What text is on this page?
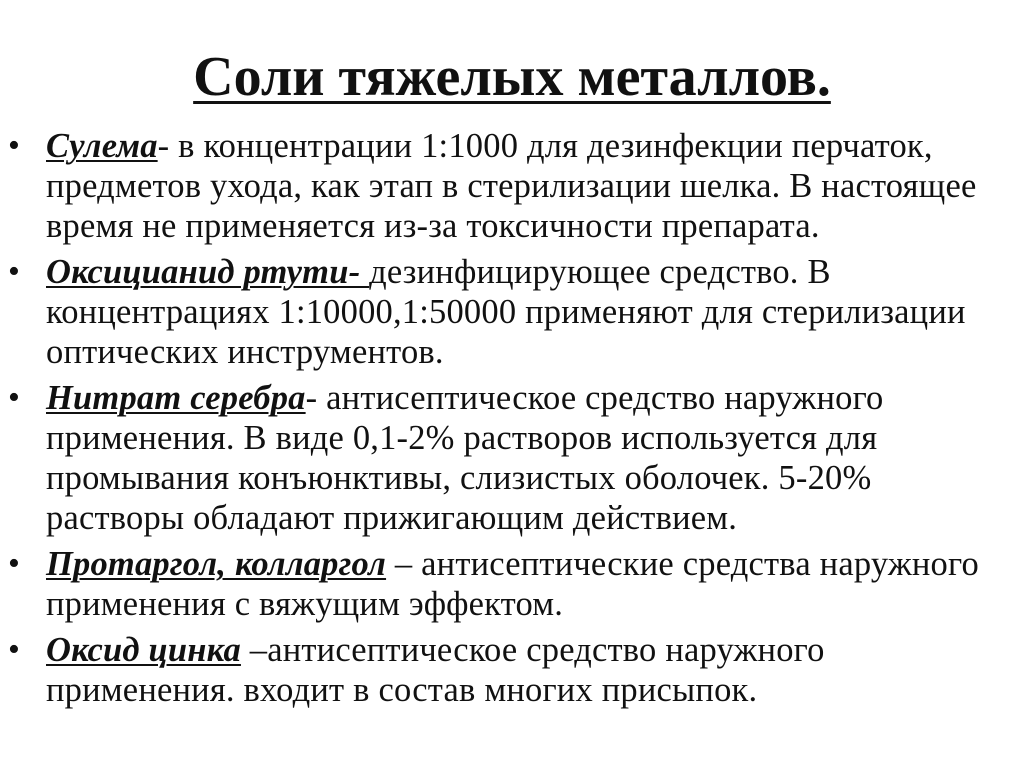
Соли тяжелых металлов.
• Сулема- в концентрации 1:1000 для дезинфекции перчаток, предметов ухода, как этап в стерилизации шелка. В настоящее время не применяется из-за токсичности препарата.
• Оксицианид ртути- дезинфицирующее средство. В концентрациях 1:10000,1:50000 применяют для стерилизации оптических инструментов.
• Нитрат серебра- антисептическое средство наружного применения. В виде 0,1-2% растворов используется для промывания конъюнктивы, слизистых оболочек. 5-20% растворы обладают прижигающим действием.
• Протаргол, колларгол – антисептические средства наружного применения с вяжущим эффектом.
• Оксид цинка –антисептическое средство наружного применения. входит в состав многих присыпок.
